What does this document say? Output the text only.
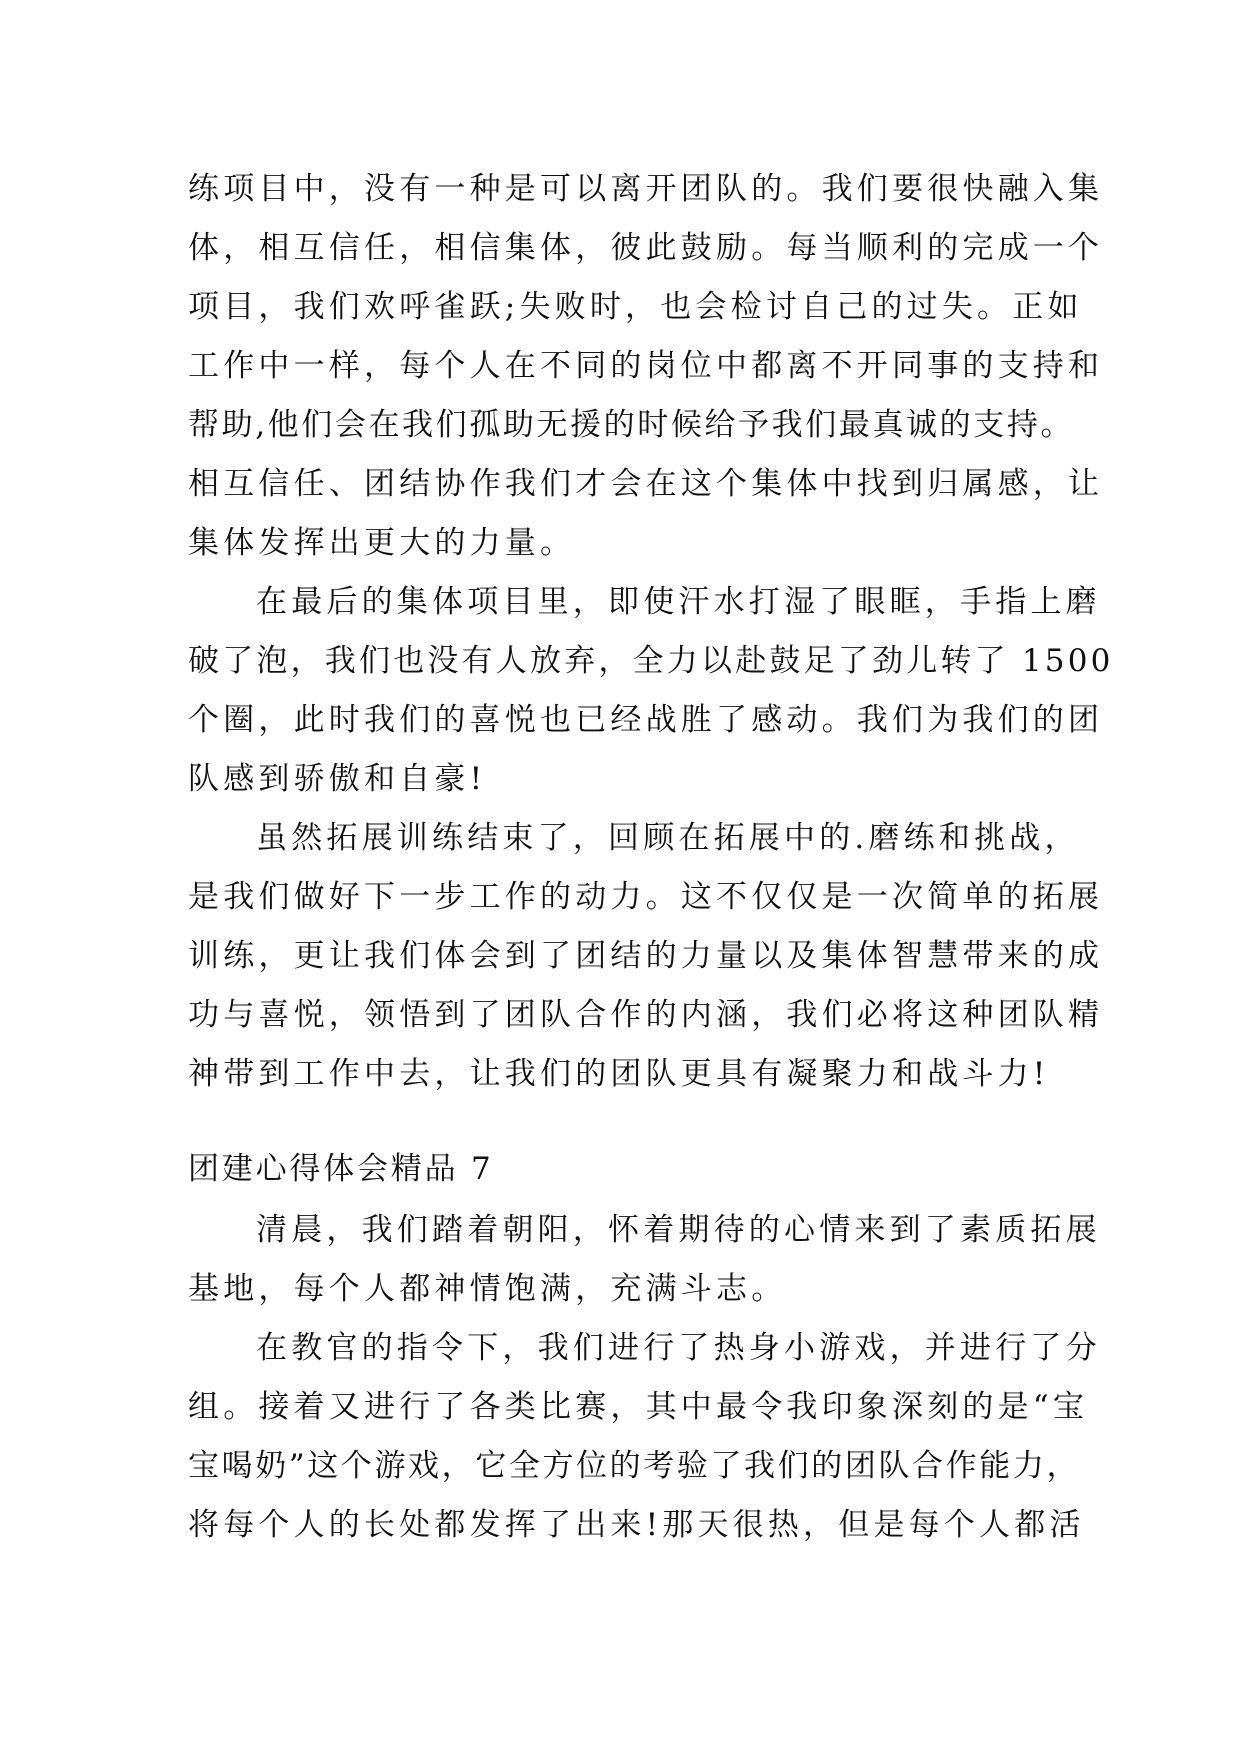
练项目中，没有一种是可以离开团队的。我们要很快融入集
体，相互信任，相信集体，彼此鼓励。每当顺利的完成一个
项目，我们欢呼雀跃;失败时，也会检讨自己的过失。正如
工作中一样，每个人在不同的岗位中都离不开同事的支持和
帮助,他们会在我们孤助无援的时候给予我们最真诚的支持。
相互信任、团结协作我们才会在这个集体中找到归属感，让
集体发挥出更大的力量。
在最后的集体项目里，即使汗水打湿了眼眶，手指上磨
破了泡，我们也没有人放弃，全力以赴鼓足了劲儿转了 1500
个圈，此时我们的喜悦也已经战胜了感动。我们为我们的团
队感到骄傲和自豪!
虽然拓展训练结束了，回顾在拓展中的.磨练和挑战，
是我们做好下一步工作的动力。这不仅仅是一次简单的拓展
训练，更让我们体会到了团结的力量以及集体智慧带来的成
功与喜悦，领悟到了团队合作的内涵，我们必将这种团队精
神带到工作中去，让我们的团队更具有凝聚力和战斗力!
团建心得体会精品 7
清晨，我们踏着朝阳，怀着期待的心情来到了素质拓展
基地，每个人都神情饱满，充满斗志。
在教官的指令下，我们进行了热身小游戏，并进行了分
组。接着又进行了各类比赛，其中最令我印象深刻的是“宝
宝喝奶”这个游戏，它全方位的考验了我们的团队合作能力，
将每个人的长处都发挥了出来!那天很热，但是每个人都活
